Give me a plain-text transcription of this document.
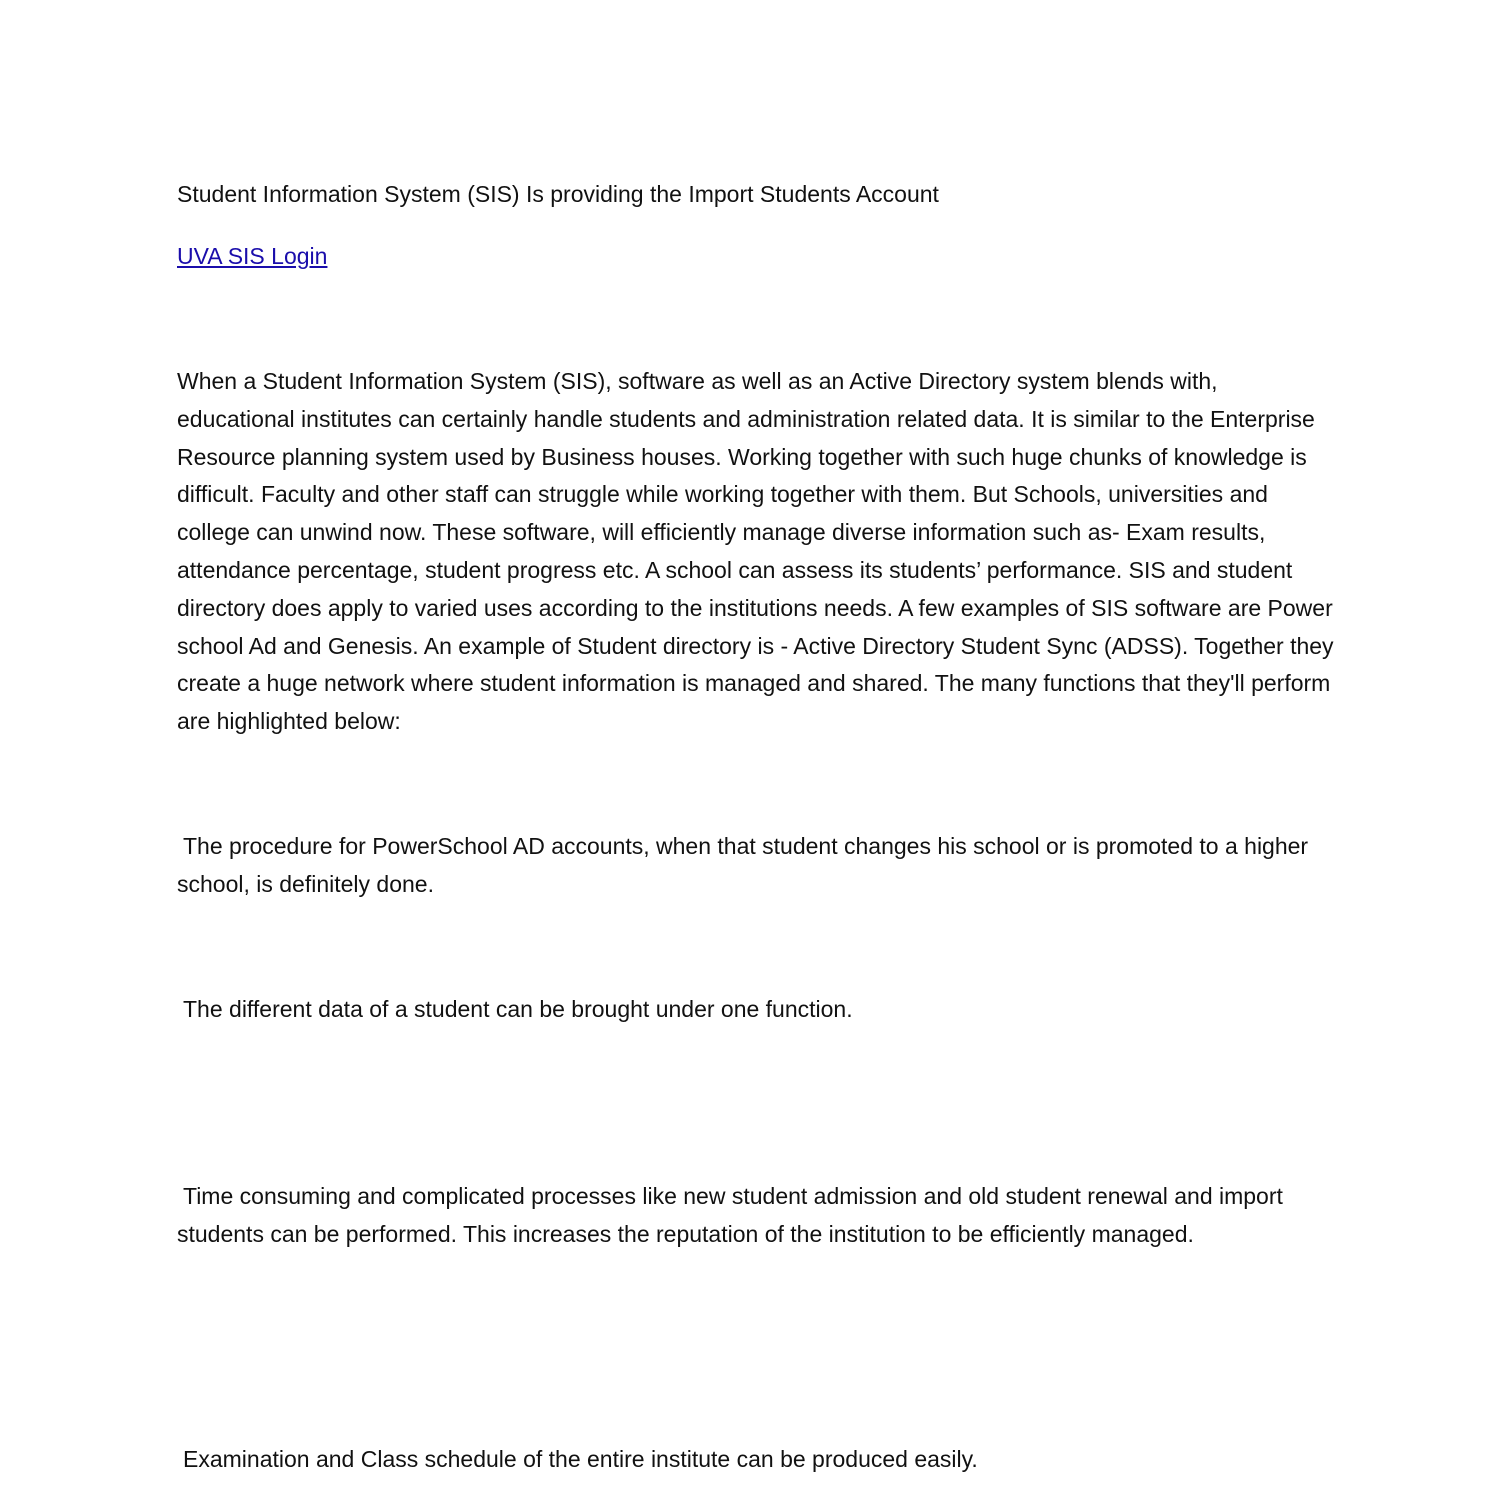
Student Information System (SIS) Is providing the Import Students Account

UVA SIS Login

When a Student Information System (SIS), software as well as an Active Directory system blends with, educational institutes can certainly handle students and administration related data. It is similar to the Enterprise Resource planning system used by Business houses. Working together with such huge chunks of knowledge is difficult. Faculty and other staff can struggle while working together with them. But Schools, universities and college can unwind now. These software, will efficiently manage diverse information such as- Exam results, attendance percentage, student progress etc. A school can assess its students’ performance. SIS and student directory does apply to varied uses according to the institutions needs. A few examples of SIS software are Power school Ad and Genesis. An example of Student directory is - Active Directory Student Sync (ADSS). Together they create a huge network where student information is managed and shared. The many functions that they'll perform are highlighted below:

The procedure for PowerSchool AD accounts, when that student changes his school or is promoted to a higher school, is definitely done.

The different data of a student can be brought under one function.

Time consuming and complicated processes like new student admission and old student renewal and import students can be performed. This increases the reputation of the institution to be efficiently managed.

Examination and Class schedule of the entire institute can be produced easily.
